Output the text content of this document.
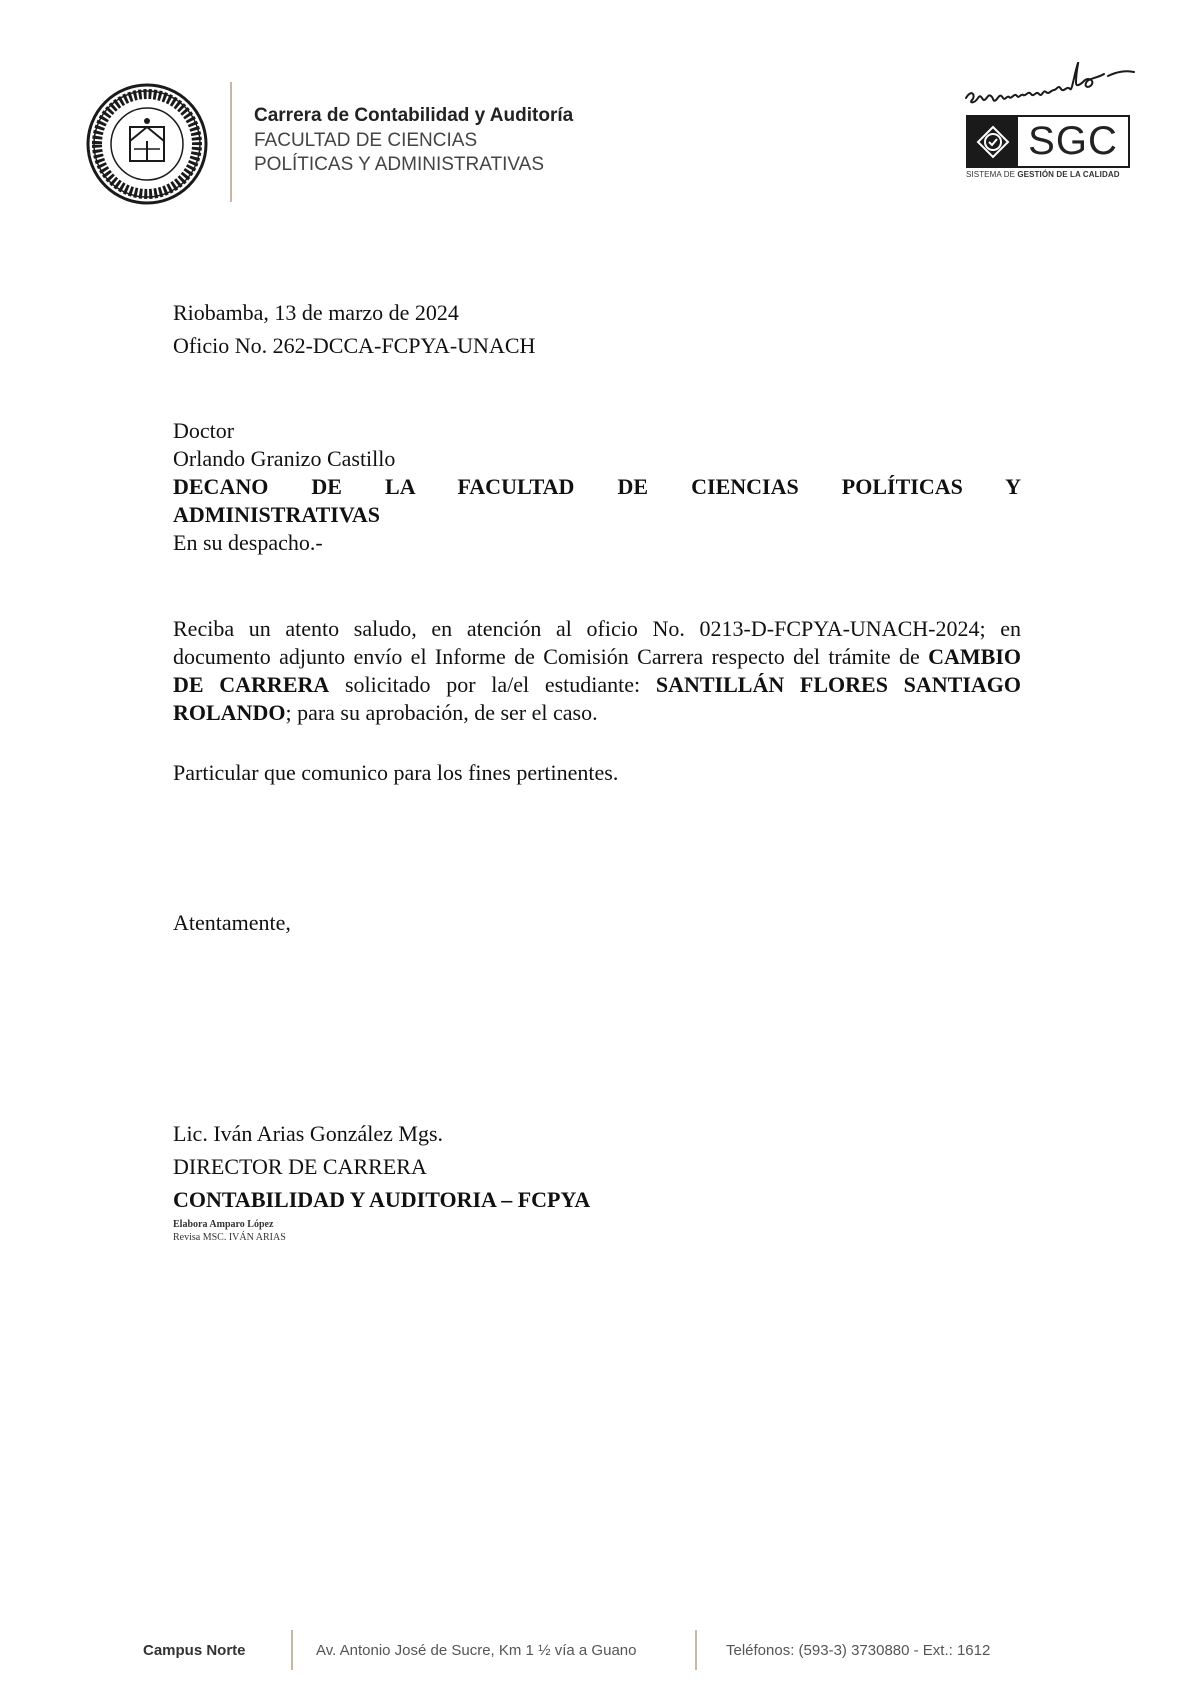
Carrera de Contabilidad y Auditoría
FACULTAD DE CIENCIAS
POLÍTICAS Y ADMINISTRATIVAS
SGC
SISTEMA DE GESTIÓN DE LA CALIDAD
Riobamba, 13 de marzo de 2024
Oficio No. 262-DCCA-FCPYA-UNACH
Doctor
Orlando Granizo Castillo
DECANO DE LA FACULTAD DE CIENCIAS POLÍTICAS Y
ADMINISTRATIVAS
En su despacho.-
Reciba un atento saludo, en atención al oficio No. 0213-D-FCPYA-UNACH-2024; en documento adjunto envío el Informe de Comisión Carrera respecto del trámite de CAMBIO DE CARRERA solicitado por la/el estudiante: SANTILLÁN FLORES SANTIAGO ROLANDO; para su aprobación, de ser el caso.
Particular que comunico para los fines pertinentes.
Atentamente,
Lic. Iván Arias González Mgs.
DIRECTOR DE CARRERA
CONTABILIDAD Y AUDITORIA – FCPYA
Elabora Amparo López
Revisa MSC. IVÁN ARIAS
Campus Norte	Av. Antonio José de Sucre, Km 1 ½ vía a Guano	Teléfonos: (593-3) 3730880 - Ext.: 1612
